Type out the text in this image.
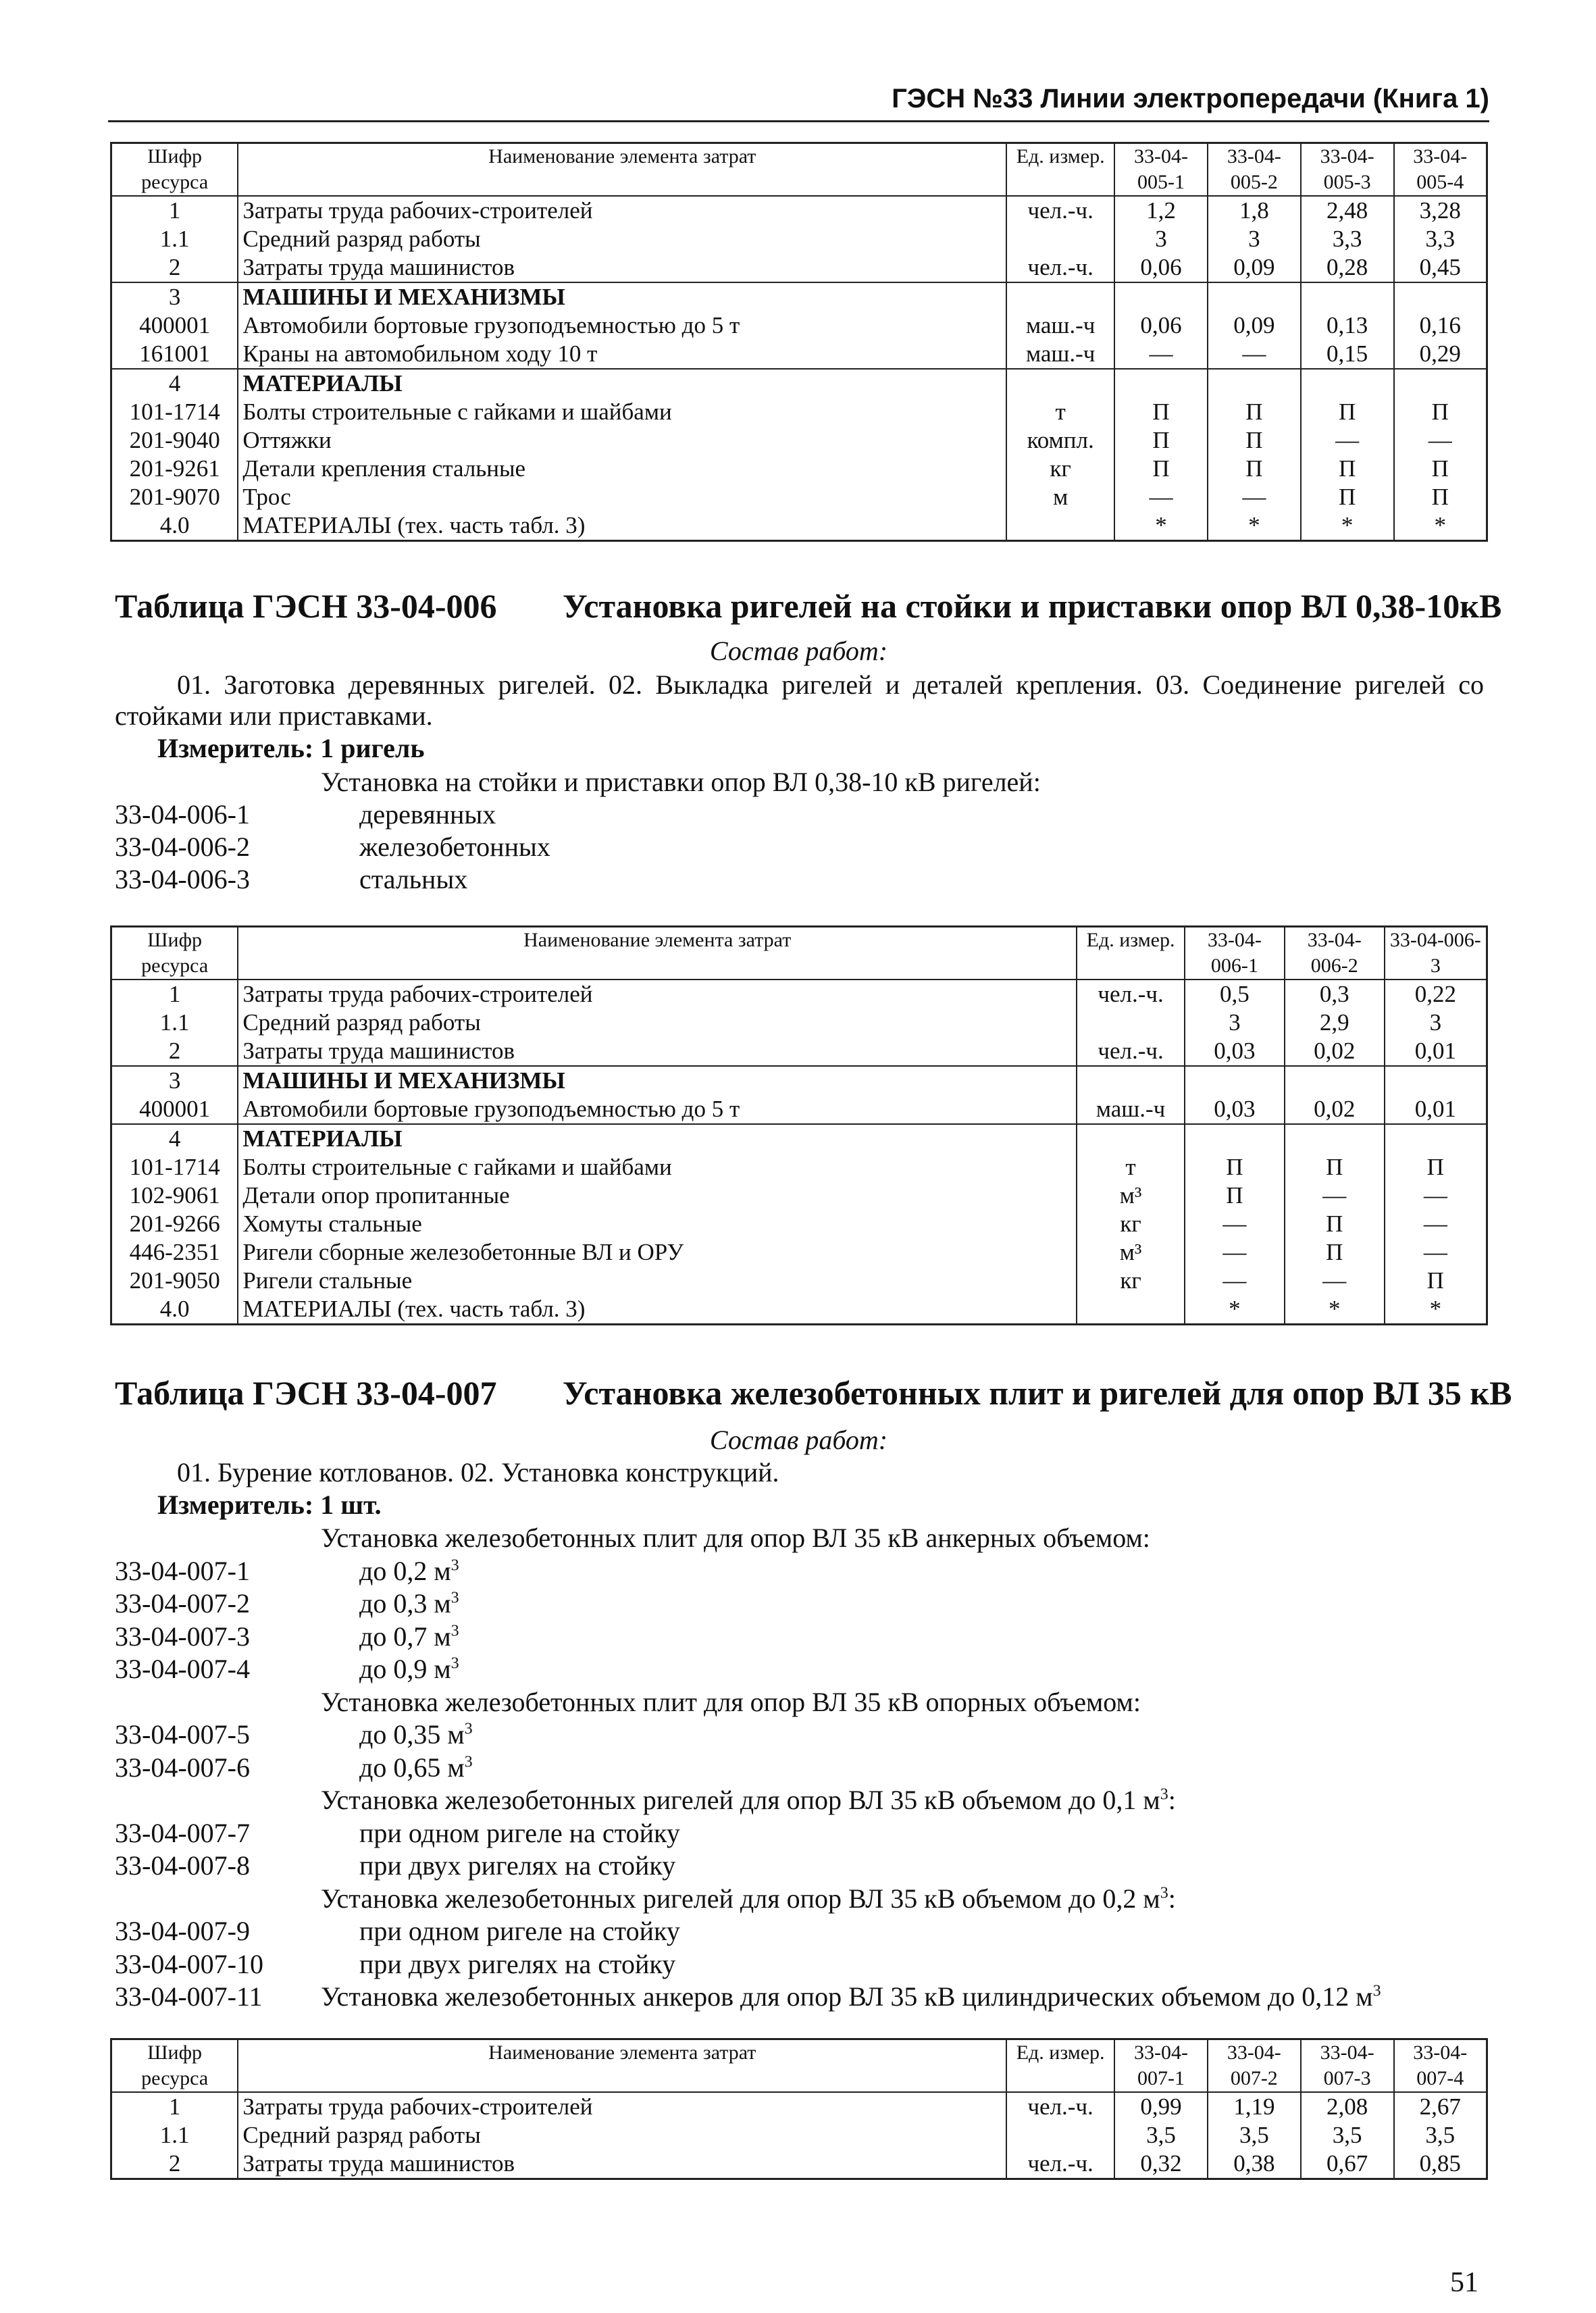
ГЭСН №33 Линии электропередачи (Книга 1)
Шифр ресурса	Наименование элемента затрат	Ед. измер.	33-04-005-1	33-04-005-2	33-04-005-3	33-04-005-4
1	Затраты труда рабочих-строителей	чел.-ч.	1,2	1,8	2,48	3,28
1.1	Средний разряд работы		3	3	3,3	3,3
2	Затраты труда машинистов	чел.-ч.	0,06	0,09	0,28	0,45
3	МАШИНЫ И МЕХАНИЗМЫ					
400001	Автомобили бортовые грузоподъемностью до 5 т	маш.-ч	0,06	0,09	0,13	0,16
161001	Краны на автомобильном ходу 10 т	маш.-ч	—	—	0,15	0,29
4	МАТЕРИАЛЫ					
101-1714	Болты строительные с гайками и шайбами	т	П	П	П	П
201-9040	Оттяжки	компл.	П	П	—	—
201-9261	Детали крепления стальные	кг	П	П	П	П
201-9070	Трос	м	—	—	П	П
4.0	МАТЕРИАЛЫ (тех. часть табл. 3)		*	*	*	*
Таблица ГЭСН 33-04-006 Установка ригелей на стойки и приставки опор ВЛ 0,38-10кВ
Состав работ:
01. Заготовка деревянных ригелей. 02. Выкладка ригелей и деталей крепления. 03. Соединение ригелей со
стойками или приставками.
Измеритель: 1 ригель
Установка на стойки и приставки опор ВЛ 0,38-10 кВ ригелей:
33-04-006-1	деревянных
33-04-006-2	железобетонных
33-04-006-3	стальных
Шифр ресурса	Наименование элемента затрат	Ед. измер.	33-04-006-1	33-04-006-2	33-04-006-3
1	Затраты труда рабочих-строителей	чел.-ч.	0,5	0,3	0,22
1.1	Средний разряд работы		3	2,9	3
2	Затраты труда машинистов	чел.-ч.	0,03	0,02	0,01
3	МАШИНЫ И МЕХАНИЗМЫ				
400001	Автомобили бортовые грузоподъемностью до 5 т	маш.-ч	0,03	0,02	0,01
4	МАТЕРИАЛЫ				
101-1714	Болты строительные с гайками и шайбами	т	П	П	П
102-9061	Детали опор пропитанные	м³	П	—	—
201-9266	Хомуты стальные	кг	—	П	—
446-2351	Ригели сборные железобетонные ВЛ и ОРУ	м³	—	П	—
201-9050	Ригели стальные	кг	—	—	П
4.0	МАТЕРИАЛЫ (тех. часть табл. 3)		*	*	*
Таблица ГЭСН 33-04-007 Установка железобетонных плит и ригелей для опор ВЛ 35 кВ
Состав работ:
01. Бурение котлованов. 02. Установка конструкций.
Измеритель: 1 шт.
Установка железобетонных плит для опор ВЛ 35 кВ анкерных объемом:
33-04-007-1	до 0,2 $м^3$
33-04-007-2	до 0,3 $м^3$
33-04-007-3	до 0,7 $м^3$
33-04-007-4	до 0,9 $м^3$
Установка железобетонных плит для опор ВЛ 35 кВ опорных объемом:
33-04-007-5	до 0,35 $м^3$
33-04-007-6	до 0,65 $м^3$
Установка железобетонных ригелей для опор ВЛ 35 кВ объемом до 0,1 $м^3$:
33-04-007-7	при одном ригеле на стойку
33-04-007-8	при двух ригелях на стойку
Установка железобетонных ригелей для опор ВЛ 35 кВ объемом до 0,2 $м^3$:
33-04-007-9	при одном ригеле на стойку
33-04-007-10	при двух ригелях на стойку
33-04-007-11 Установка железобетонных анкеров для опор ВЛ 35 кВ цилиндрических объемом до 0,12 $м^3$
Шифр ресурса	Наименование элемента затрат	Ед. измер.	33-04-007-1	33-04-007-2	33-04-007-3	33-04-007-4
1	Затраты труда рабочих-строителей	чел.-ч.	0,99	1,19	2,08	2,67
1.1	Средний разряд работы		3,5	3,5	3,5	3,5
2	Затраты труда машинистов	чел.-ч.	0,32	0,38	0,67	0,85
51
